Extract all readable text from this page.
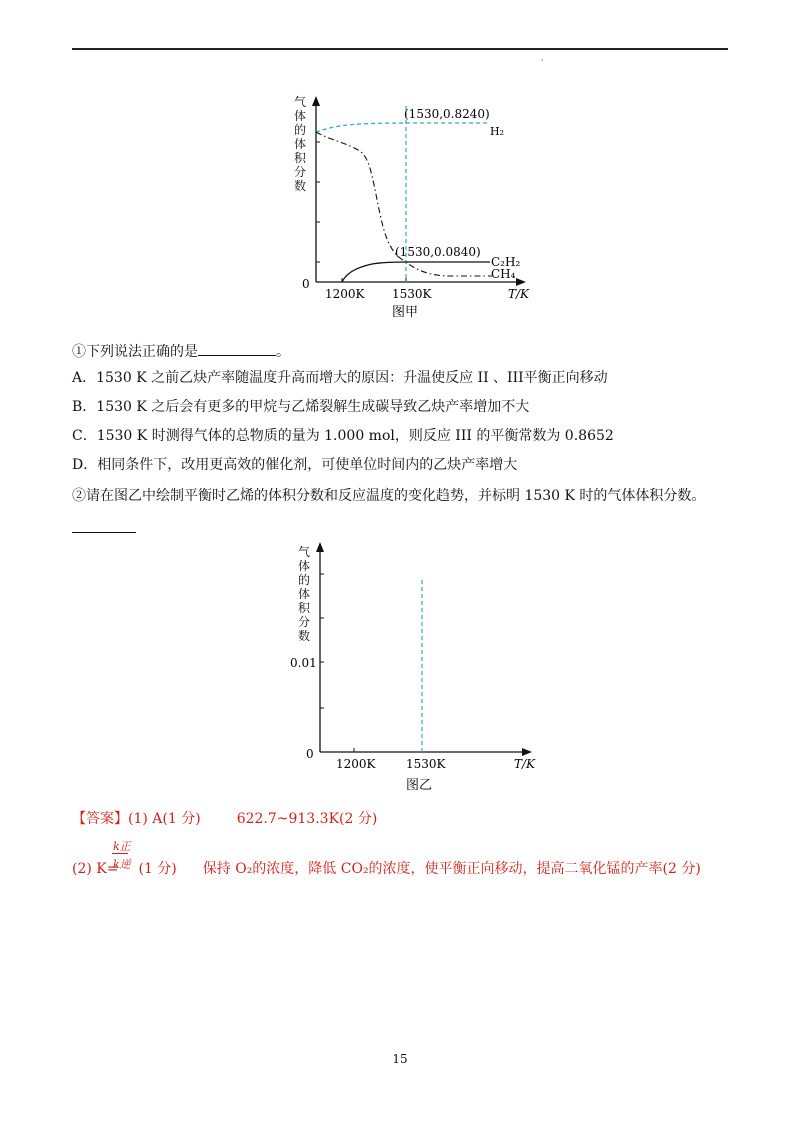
'
气
体
的
体
积
分
数
0
1200K 1530K	T/K
图甲
(1530,0.8240)
(1530,0.0840)
H₂
C₂H₂
CH₄
①下列说法正确的是	。
A．1530 K 之前乙炔产率随温度升高而增大的原因：升温使反应 II 、III平衡正向移动
B．1530 K 之后会有更多的甲烷与乙烯裂解生成碳导致乙炔产率增加不大
C．1530 K 时测得气体的总物质的量为 1.000 mol，则反应 III 的平衡常数为 0.8652
D．相同条件下，改用更高效的催化剂，可使单位时间内的乙炔产率增大
②请在图乙中绘制平衡时乙烯的体积分数和反应温度的变化趋势，并标明 1530 K 时的气体体积分数。
气
体
的
体
积
分
数
0.01
0
1200K	1530K	T/K
图乙
【答案】(1) A(1 分)	622.7~913.3K(2 分)
k正
k逆
(2) K= (1 分) 保持 O₂的浓度，降低 CO₂的浓度，使平衡正向移动，提高二氧化锰的产率(2 分)
15
